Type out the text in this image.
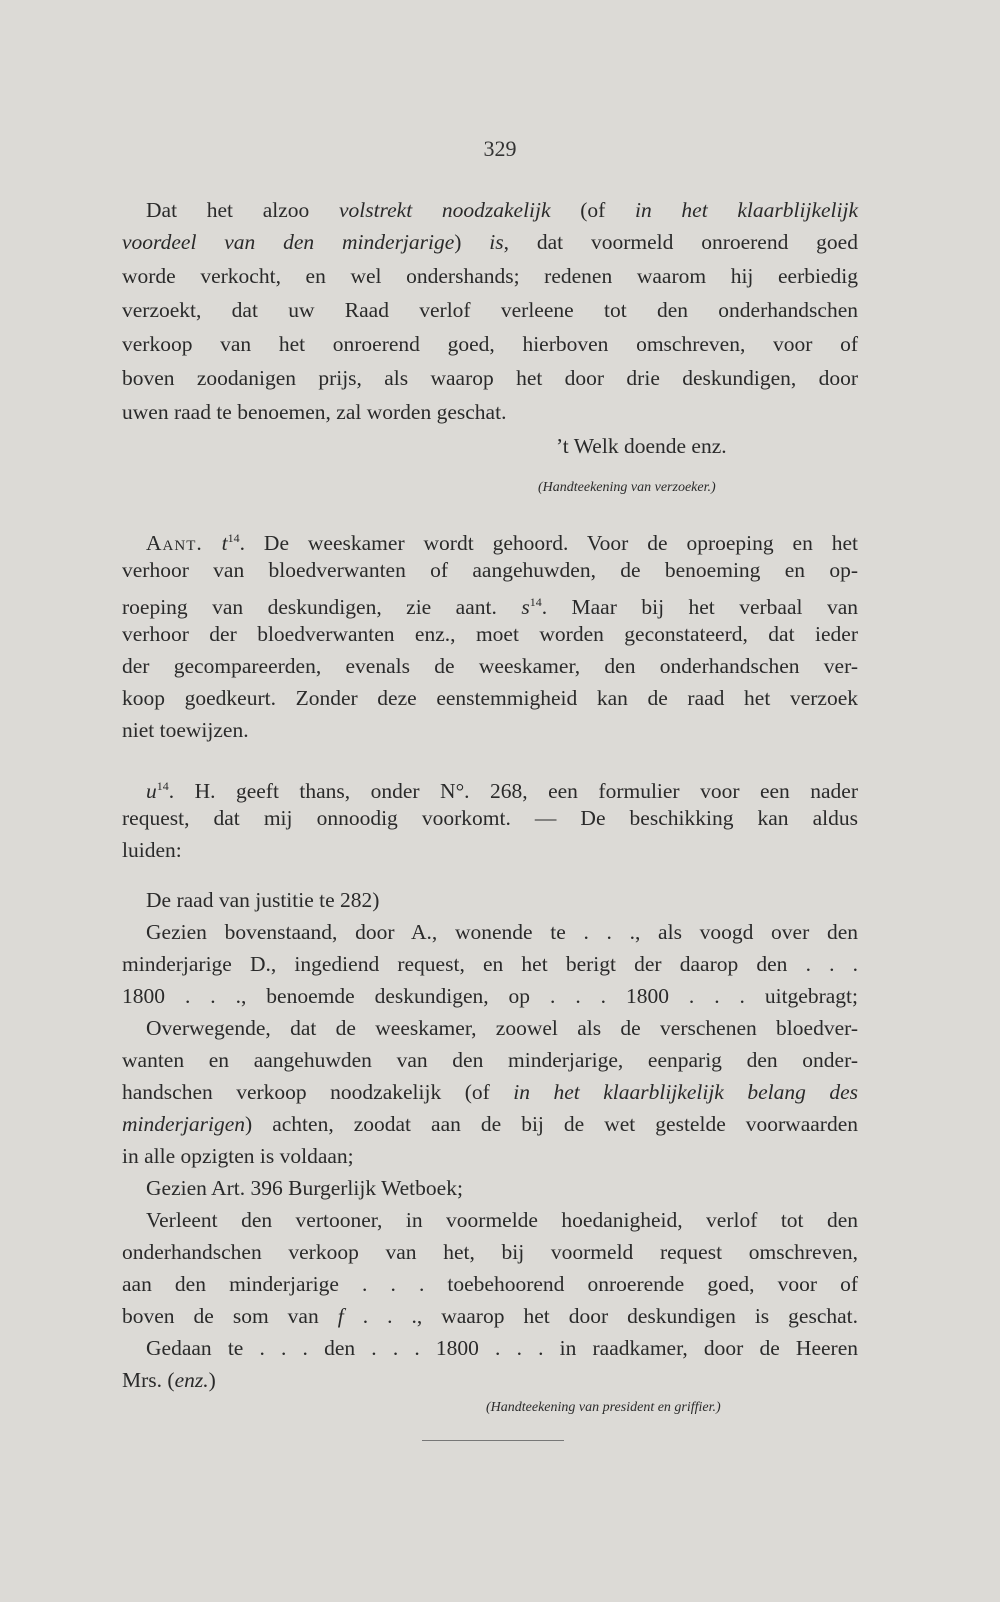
329
Dat het alzoo volstrekt noodzakelijk (of in het klaarblijkelijk
voordeel van den minderjarige) is, dat voormeld onroerend goed
worde verkocht, en wel ondershands; redenen waarom hij eerbiedig
verzoekt, dat uw Raad verlof verleene tot den onderhandschen
verkoop van het onroerend goed, hierboven omschreven, voor of
boven zoodanigen prijs, als waarop het door drie deskundigen, door
uwen raad te benoemen, zal worden geschat.
’t Welk doende enz.
(Handteekening van verzoeker.)
Aant. $t^{14}$. De weeskamer wordt gehoord. Voor de oproeping en het
verhoor van bloedverwanten of aangehuwden, de benoeming en op-
roeping van deskundigen, zie aant. $s^{14}$. Maar bij het verbaal van
verhoor der bloedverwanten enz., moet worden geconstateerd, dat ieder
der gecompareerden, evenals de weeskamer, den onderhandschen ver-
koop goedkeurt. Zonder deze eenstemmigheid kan de raad het verzoek
niet toewijzen.
$u^{14}$. H. geeft thans, onder N°. 268, een formulier voor een nader
request, dat mij onnoodig voorkomt. — De beschikking kan aldus
luiden:
De raad van justitie te 282)
Gezien bovenstaand, door A., wonende te . . ., als voogd over den
minderjarige D., ingediend request, en het berigt der daarop den . . .
1800 . . ., benoemde deskundigen, op . . . 1800 . . . uitgebragt;
Overwegende, dat de weeskamer, zoowel als de verschenen bloedver-
wanten en aangehuwden van den minderjarige, eenparig den onder-
handschen verkoop noodzakelijk (of in het klaarblijkelijk belang des
minderjarigen) achten, zoodat aan de bij de wet gestelde voorwaarden
in alle opzigten is voldaan;
Gezien Art. 396 Burgerlijk Wetboek;
Verleent den vertooner, in voormelde hoedanigheid, verlof tot den
onderhandschen verkoop van het, bij voormeld request omschreven,
aan den minderjarige . . . toebehoorend onroerende goed, voor of
boven de som van f . . ., waarop het door deskundigen is geschat.
Gedaan te . . . den . . . 1800 . . . in raadkamer, door de Heeren
Mrs. (enz.)
(Handteekening van president en griffier.)
